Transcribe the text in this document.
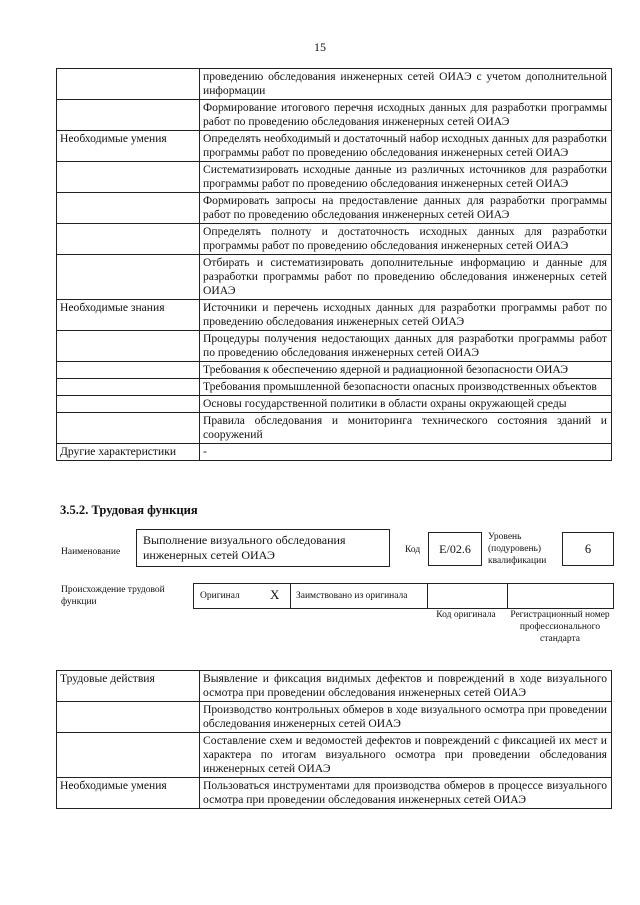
15
	проведению обследования инженерных сетей ОИАЭ с учетом дополнительной информации
	Формирование итогового перечня исходных данных для разработки программы работ по проведению обследования инженерных сетей ОИАЭ
Необходимые умения	Определять необходимый и достаточный набор исходных данных для разработки программы работ по проведению обследования инженерных сетей ОИАЭ
	Систематизировать исходные данные из различных источников для разработки программы работ по проведению обследования инженерных сетей ОИАЭ
	Формировать запросы на предоставление данных для разработки программы работ по проведению обследования инженерных сетей ОИАЭ
	Определять полноту и достаточность исходных данных для разработки программы работ по проведению обследования инженерных сетей ОИАЭ
	Отбирать и систематизировать дополнительные информацию и данные для разработки программы работ по проведению обследования инженерных сетей ОИАЭ
Необходимые знания	Источники и перечень исходных данных для разработки программы работ по проведению обследования инженерных сетей ОИАЭ
	Процедуры получения недостающих данных для разработки программы работ по проведению обследования инженерных сетей ОИАЭ
	Требования к обеспечению ядерной и радиационной безопасности ОИАЭ
	Требования промышленной безопасности опасных производственных объектов
	Основы государственной политики в области охраны окружающей среды
	Правила обследования и мониторинга технического состояния зданий и сооружений
Другие характеристики	-
3.5.2. Трудовая функция
Наименование
Выполнение визуального обследования инженерных сетей ОИАЭ	Код	E/02.6
Уровень (подуровень) квалификации
6
Происхождение трудовой функции
Оригинал X Заимствовано из оригинала
Код оригинала Регистрационный номер профессионального стандарта
Трудовые действия	Выявление и фиксация видимых дефектов и повреждений в ходе визуального осмотра при проведении обследования инженерных сетей ОИАЭ
	Производство контрольных обмеров в ходе визуального осмотра при проведении обследования инженерных сетей ОИАЭ
	Составление схем и ведомостей дефектов и повреждений с фиксацией их мест и характера по итогам визуального осмотра при проведении обследования инженерных сетей ОИАЭ
Необходимые умения	Пользоваться инструментами для производства обмеров в процессе визуального осмотра при проведении обследования инженерных сетей ОИАЭ
